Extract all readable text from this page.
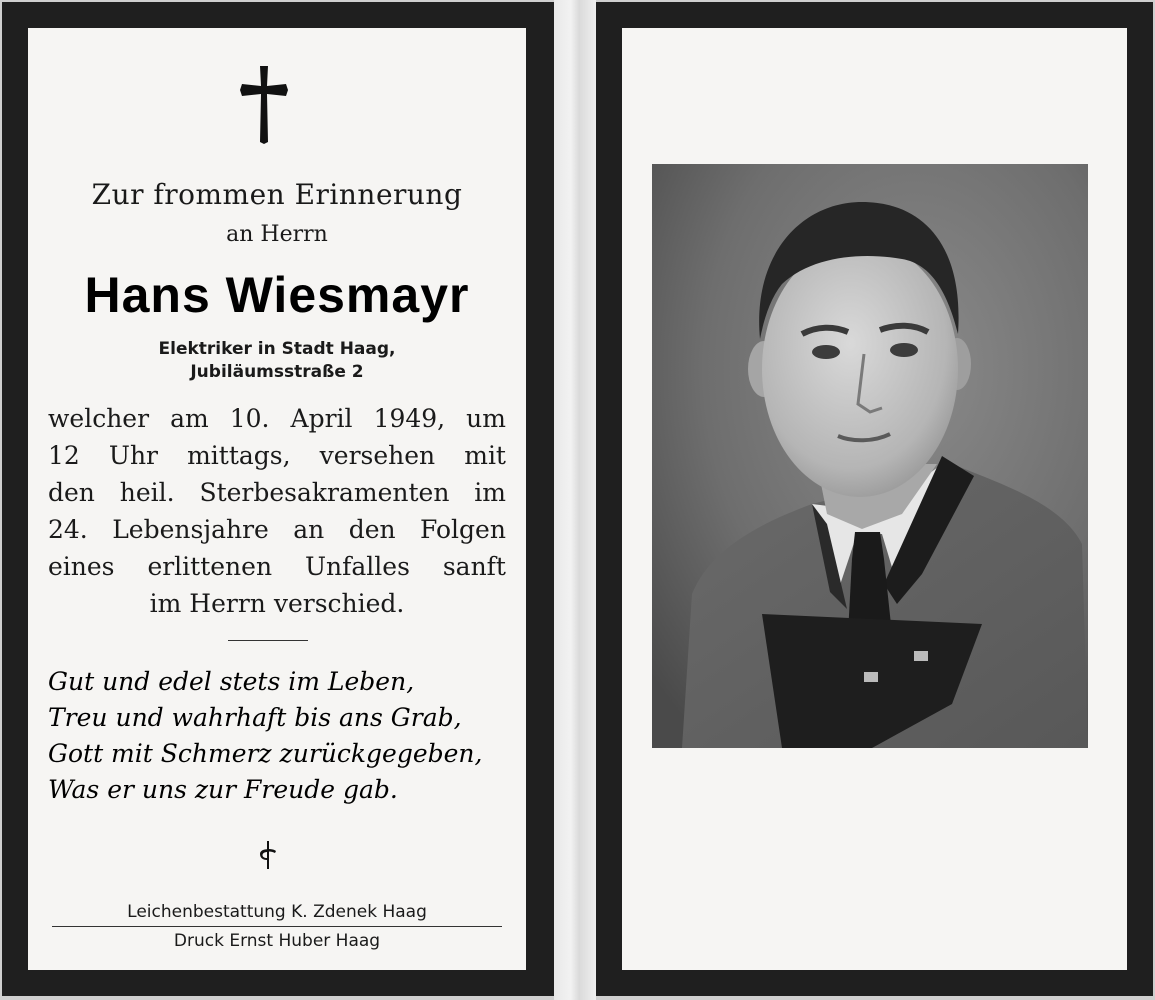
Zur frommen Erinnerung
an Herrn
Hans Wiesmayr
Elektriker in Stadt Haag,
Jubiläumsstraße 2
welcher am 10. April 1949, um
12 Uhr mittags, versehen mit
den heil. Sterbesakramenten im
24. Lebensjahre an den Folgen
eines erlittenen Unfalles sanft
im Herrn verschied.
Gut und edel stets im Leben,
Treu und wahrhaft bis ans Grab,
Gott mit Schmerz zurückgegeben,
Was er uns zur Freude gab.
Leichenbestattung K. Zdenek Haag
Druck Ernst Huber Haag
